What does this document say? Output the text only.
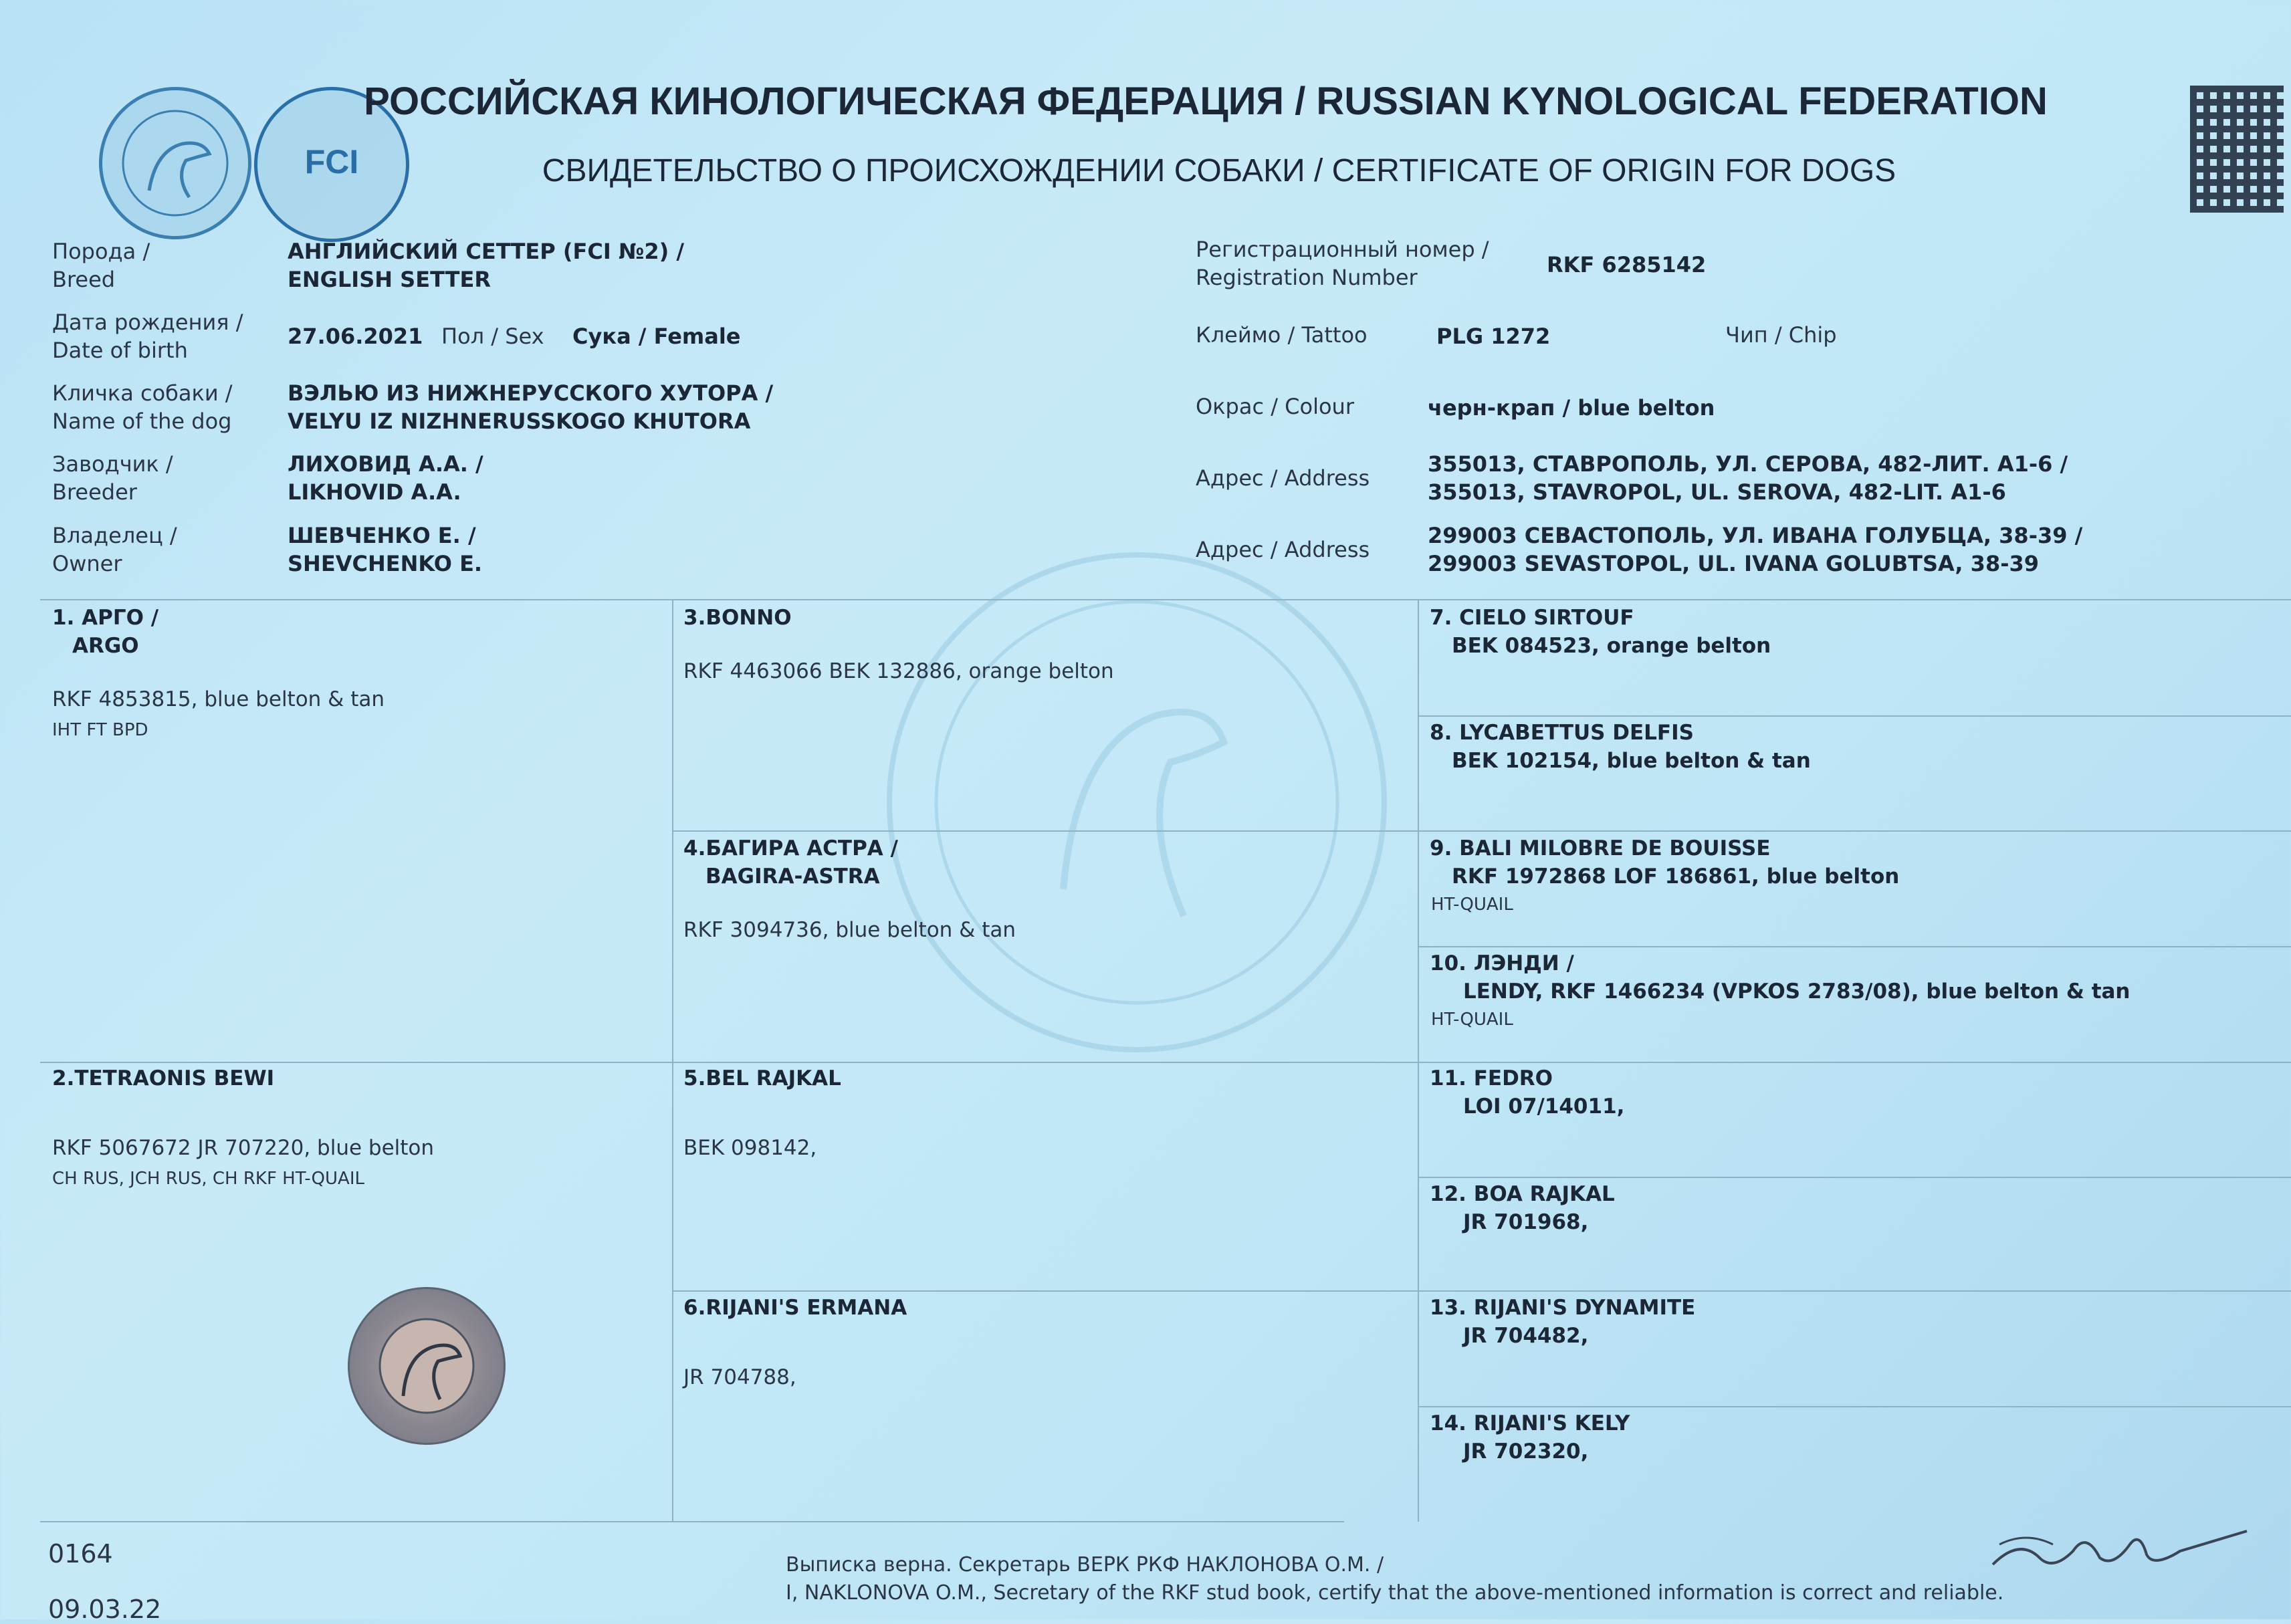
FCI
РОССИЙСКАЯ КИНОЛОГИЧЕСКАЯ ФЕДЕРАЦИЯ / RUSSIAN KYNOLOGICAL FEDERATION
СВИДЕТЕЛЬСТВО О ПРОИСХОЖДЕНИИ СОБАКИ / CERTIFICATE OF ORIGIN FOR DOGS
Порода /
Breed
АНГЛИЙСКИЙ СЕТТЕР (FCI №2) /
ENGLISH SETTER
Дата рождения /
Date of birth
27.06.2021 Пол / Sex Сука / Female
Кличка собаки /
Name of the dog
ВЭЛЬЮ ИЗ НИЖНЕРУССКОГО ХУТОРА /
VELYU IZ NIZHNERUSSKOGO KHUTORA
Заводчик /
Breeder
ЛИХОВИД А.А. /
LIKHOVID A.A.
Владелец /
Owner
ШЕВЧЕНКО Е. /
SHEVCHENKO E.
Регистрационный номер /
Registration Number	RKF 6285142
Клеймо / Tattoo	PLG 1272	Чип / Chip
Окрас / Colour	черн-крап / blue belton
Адрес / Address
355013, СТАВРОПОЛЬ, УЛ. СЕРОВА, 482-ЛИТ. А1-6 /
355013, STAVROPOL, UL. SEROVA, 482-LIT. A1-6
Адрес / Address
299003 СЕВАСТОПОЛЬ, УЛ. ИВАНА ГОЛУБЦА, 38-39 /
299003 SEVASTOPOL, UL. IVANA GOLUBTSA, 38-39
1. АРГО /
ARGO
RKF 4853815, blue belton & tan
IHT FT BPD
2.TETRAONIS BEWI
RKF 5067672 JR 707220, blue belton
CH RUS, JCH RUS, CH RKF HT-QUAIL
3.BONNO
RKF 4463066 BEK 132886, orange belton
4.БАГИРА АСТРА /
BAGIRA-ASTRA
RKF 3094736, blue belton & tan
5.BEL RAJKAL
BEK 098142,
6.RIJANI'S ERMANA
JR 704788,
7. CIELO SIRTOUF
BEK 084523, orange belton
8. LYCABETTUS DELFIS
BEK 102154, blue belton & tan
9. BALI MILOBRE DE BOUISSE
RKF 1972868 LOF 186861, blue belton
HT-QUAIL
10. ЛЭНДИ /
LENDY, RKF 1466234 (VPKOS 2783/08), blue belton & tan
HT-QUAIL
11. FEDRO
LOI 07/14011,
12. BOA RAJKAL
JR 701968,
13. RIJANI'S DYNAMITE
JR 704482,
14. RIJANI'S KELY
JR 702320,
0164
09.03.22
Выписка верна. Секретарь ВЕРК РКФ НАКЛОНОВА О.М. /
I, NAKLONOVA O.M., Secretary of the RKF stud book, certify that the above-mentioned information is correct and reliable.
